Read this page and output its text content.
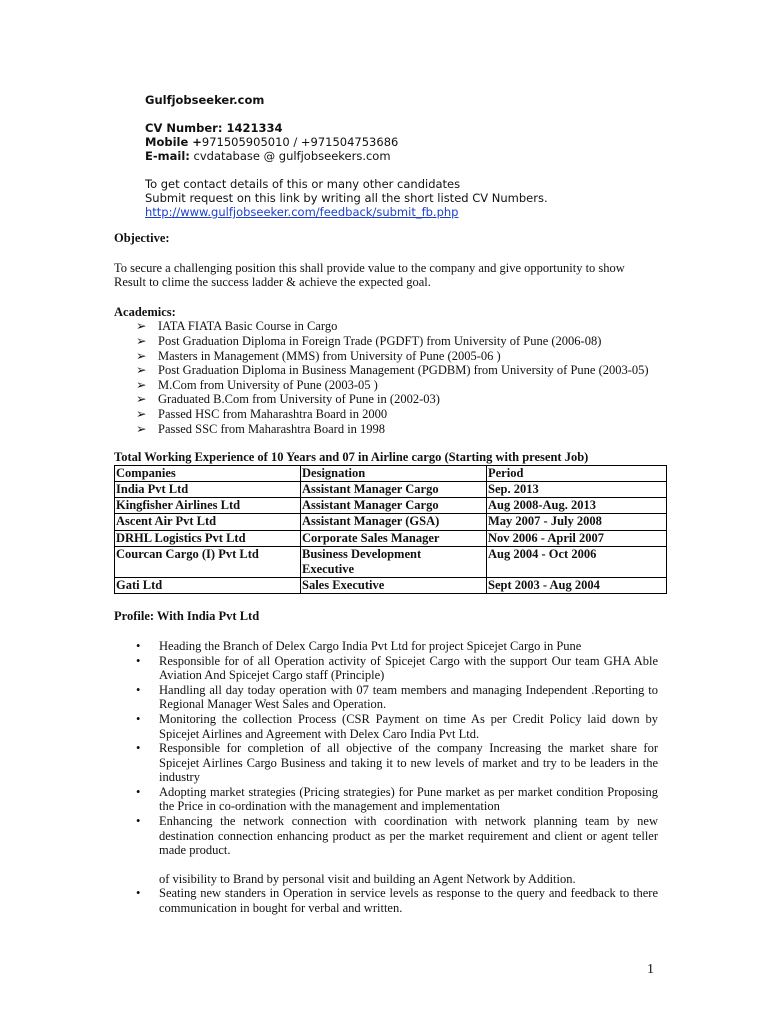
Gulfjobseeker.com
CV Number: 1421334
Mobile +971505905010 / +971504753686
E-mail: cvdatabase @ gulfjobseekers.com
To get contact details of this or many other candidates
Submit request on this link by writing all the short listed CV Numbers.
http://www.gulfjobseeker.com/feedback/submit_fb.php
Objective:
To secure a challenging position this shall provide value to the company and give opportunity to show Result to clime the success ladder & achieve the expected goal.
Academics:
➢ IATA FIATA Basic Course in Cargo
➢ Post Graduation Diploma in Foreign Trade (PGDFT) from University of Pune (2006-08)
➢ Masters in Management (MMS) from University of Pune (2005-06 )
➢ Post Graduation Diploma in Business Management (PGDBM) from University of Pune (2003-05)
➢ M.Com from University of Pune (2003-05 )
➢ Graduated B.Com from University of Pune in (2002-03)
➢ Passed HSC from Maharashtra Board in 2000
➢ Passed SSC from Maharashtra Board in 1998
Total Working Experience of 10 Years and 07 in Airline cargo (Starting with present Job)
Companies	Designation	Period
India Pvt Ltd	Assistant Manager Cargo	Sep. 2013
Kingfisher Airlines Ltd	Assistant Manager Cargo	Aug 2008-Aug. 2013
Ascent Air Pvt Ltd	Assistant Manager (GSA)	May 2007 - July 2008
DRHL Logistics Pvt Ltd	Corporate Sales Manager	Nov 2006 - April 2007
Courcan Cargo (I) Pvt Ltd	Business Development Executive	Aug 2004 - Oct 2006
Gati Ltd	Sales Executive	Sept 2003 - Aug 2004
Profile: With India Pvt Ltd
• Heading the Branch of Delex Cargo India Pvt Ltd for project Spicejet Cargo in Pune
• Responsible for of all Operation activity of Spicejet Cargo with the support Our team GHA Able Aviation And Spicejet Cargo staff (Principle)
• Handling all day today operation with 07 team members and managing Independent .Reporting to Regional Manager West Sales and Operation.
• Monitoring the collection Process (CSR Payment on time As per Credit Policy laid down by Spicejet Airlines and Agreement with Delex Caro India Pvt Ltd.
• Responsible for completion of all objective of the company Increasing the market share for Spicejet Airlines Cargo Business and taking it to new levels of market and try to be leaders in the industry
• Adopting market strategies (Pricing strategies) for Pune market as per market condition Proposing the Price in co-ordination with the management and implementation
• Enhancing the network connection with coordination with network planning team by new destination connection enhancing product as per the market requirement and client or agent teller made product.
of visibility to Brand by personal visit and building an Agent Network by Addition.
• Seating new standers in Operation in service levels as response to the query and feedback to there communication in bought for verbal and written.
1
